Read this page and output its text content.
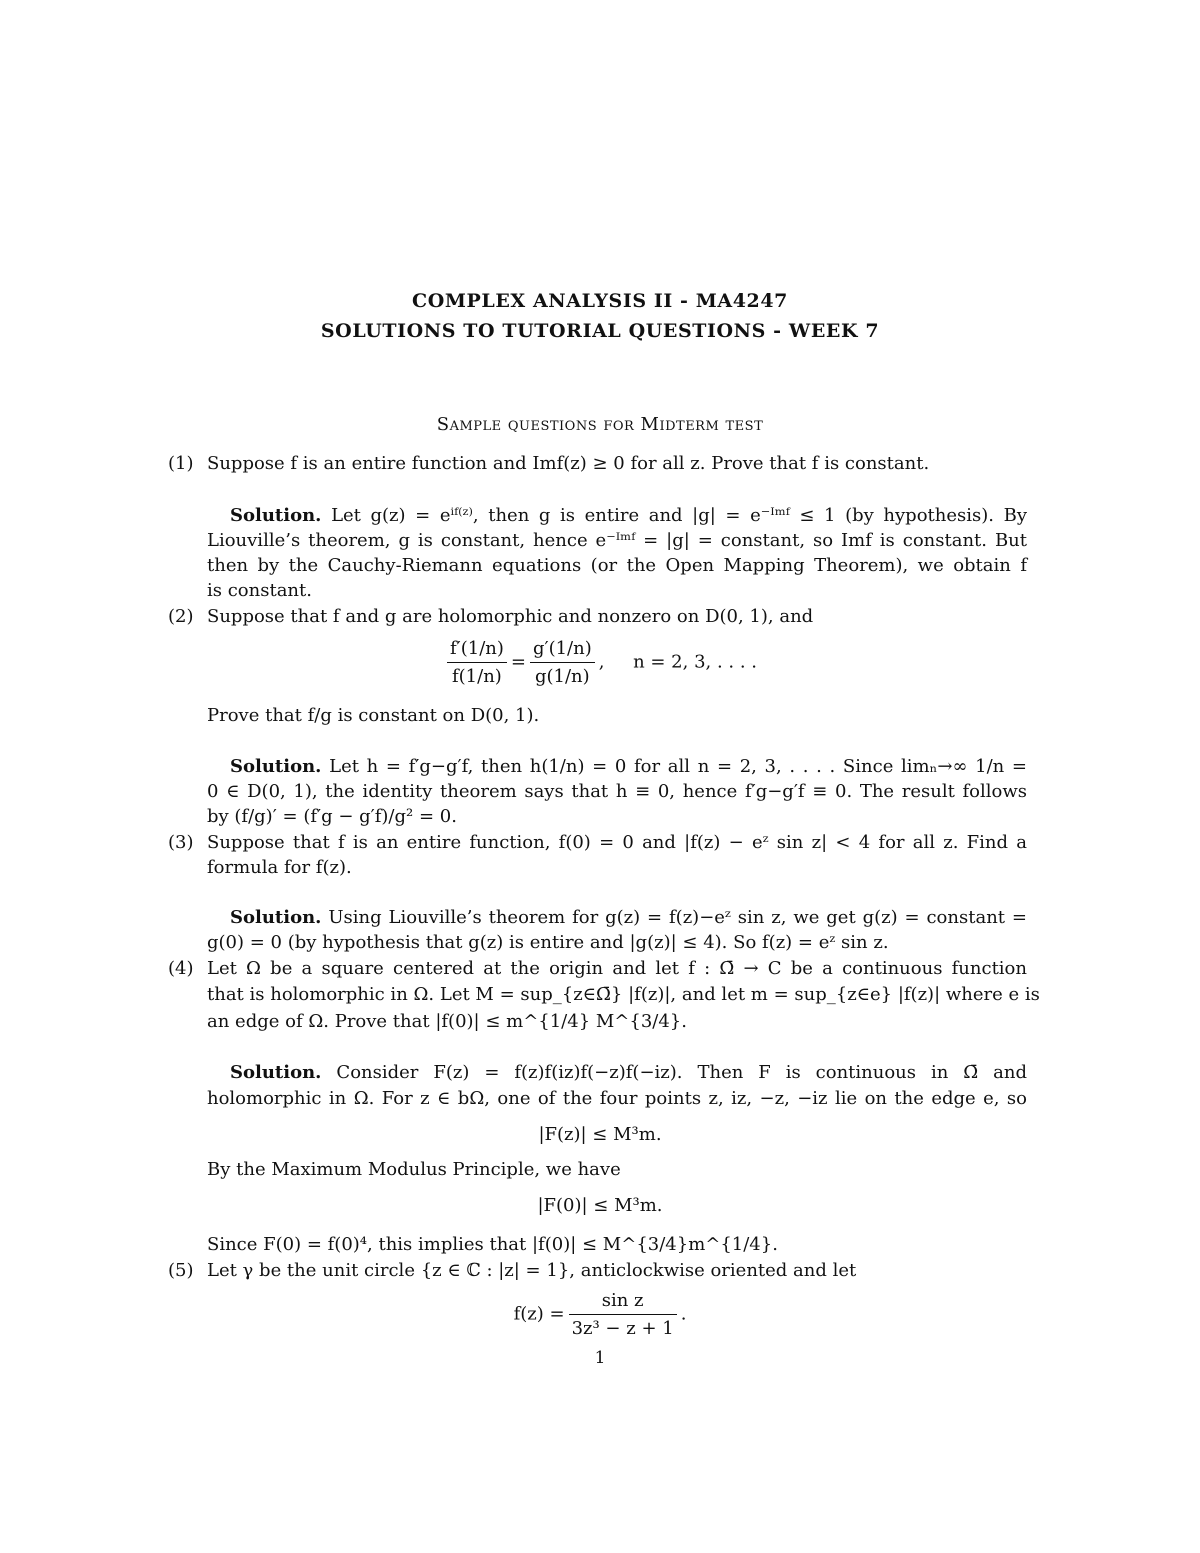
COMPLEX ANALYSIS II - MA4247
SOLUTIONS TO TUTORIAL QUESTIONS - WEEK 7
Sample questions for Midterm test
(1) Suppose f is an entire function and Imf(z) ≥ 0 for all z. Prove that f is constant.
Solution. Let g(z) = eⁱᶠ⁽ᶻ⁾, then g is entire and |g| = e⁻ᴵᵐᶠ ≤ 1 (by hypothesis). By
Liouville’s theorem, g is constant, hence e⁻ᴵᵐᶠ = |g| = constant, so Imf is constant. But
then by the Cauchy-Riemann equations (or the Open Mapping Theorem), we obtain f
is constant.
(2) Suppose that f and g are holomorphic and nonzero on D(0, 1), and
$\frac{f'(1/n)}{f(1/n)} = \frac{g'(1/n)}{g(1/n)}$ ,     n = 2, 3, . . . .
Prove that f/g is constant on D(0, 1).
Solution. Let h = f′g−g′f, then h(1/n) = 0 for all n = 2, 3, . . . . Since limₙ→∞ 1/n =
0 ∈ D(0, 1), the identity theorem says that h ≡ 0, hence f′g−g′f ≡ 0. The result follows
by (f/g)′ = (f′g − g′f)/g² = 0.
(3) Suppose that f is an entire function, f(0) = 0 and |f(z) − eᶻ sin z| < 4 for all z. Find a
formula for f(z).
Solution. Using Liouville’s theorem for g(z) = f(z)−eᶻ sin z, we get g(z) = constant =
g(0) = 0 (by hypothesis that g(z) is entire and |g(z)| ≤ 4). So f(z) = eᶻ sin z.
(4) Let Ω be a square centered at the origin and let f : Ω̄ → C be a continuous function
that is holomorphic in Ω. Let M = sup_{z∈Ω̄} |f(z)|, and let m = sup_{z∈e} |f(z)| where e is
an edge of Ω. Prove that |f(0)| ≤ m^{1/4} M^{3/4}.
Solution. Consider F(z) = f(z)f(iz)f(−z)f(−iz). Then F is continuous in Ω̄ and
holomorphic in Ω. For z ∈ bΩ, one of the four points z, iz, −z, −iz lie on the edge e, so
|F(z)| ≤ M³m.
By the Maximum Modulus Principle, we have
|F(0)| ≤ M³m.
Since F(0) = f(0)⁴, this implies that |f(0)| ≤ M^{3/4}m^{1/4}.
(5) Let γ be the unit circle {z ∈ ℂ : |z| = 1}, anticlockwise oriented and let
$f(z) = \frac{\text{sin z}}{\text{3z³ − z + 1}}$ .
1
